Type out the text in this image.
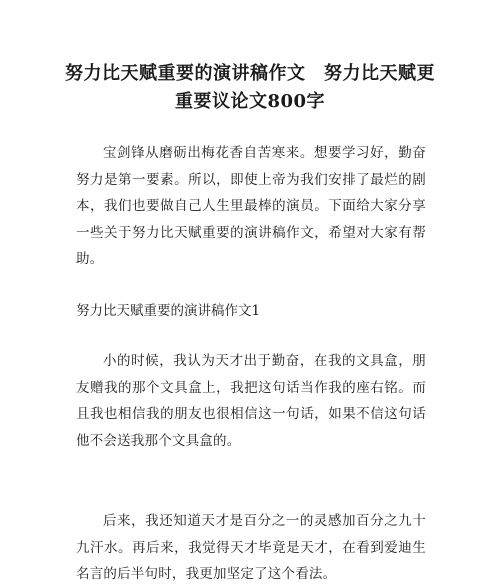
努力比天赋重要的演讲稿作文　努力比天赋更重要议论文800字
宝剑锋从磨砺出梅花香自苦寒来。想要学习好，勤奋努力是第一要素。所以，即使上帝为我们安排了最烂的剧本，我们也要做自己人生里最棒的演员。下面给大家分享一些关于努力比天赋重要的演讲稿作文，希望对大家有帮助。
努力比天赋重要的演讲稿作文1
小的时候，我认为天才出于勤奋，在我的文具盒，朋友赠我的那个文具盒上，我把这句话当作我的座右铭。而且我也相信我的朋友也很相信这一句话，如果不信这句话他不会送我那个文具盒的。
后来，我还知道天才是百分之一的灵感加百分之九十九汗水。再后来，我觉得天才毕竟是天才，在看到爱迪生名言的后半句时，我更加坚定了这个看法。
